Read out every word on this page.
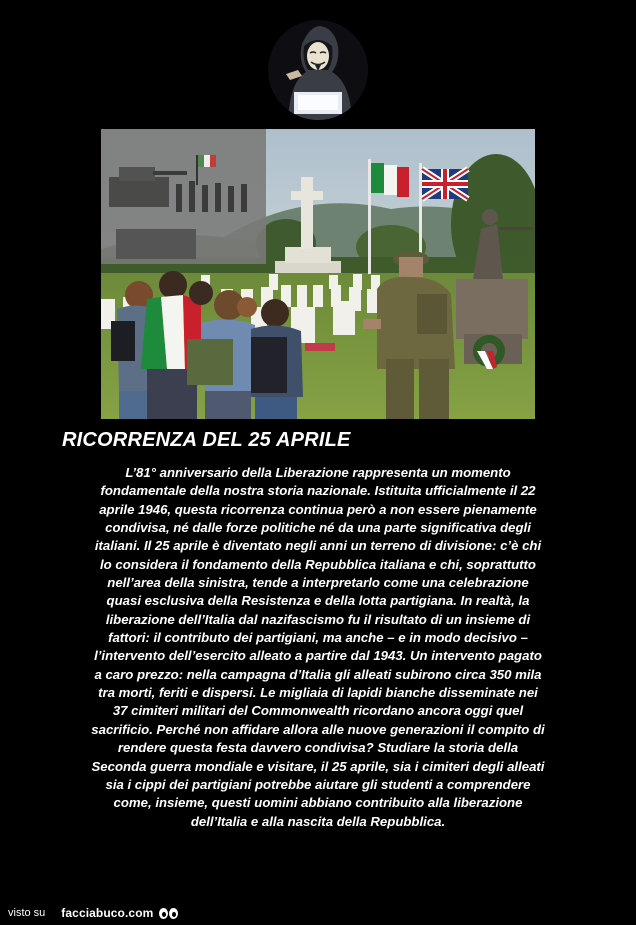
RICORRENZA DEL 25 APRILE
L’81° anniversario della Liberazione rappresenta un momento
fondamentale della nostra storia nazionale. Istituita ufficialmente il 22
aprile 1946, questa ricorrenza continua però a non essere pienamente
condivisa, né dalle forze politiche né da una parte significativa degli
italiani. Il 25 aprile è diventato negli anni un terreno di divisione: c’è chi
lo considera il fondamento della Repubblica italiana e chi, soprattutto
nell’area della sinistra, tende a interpretarlo come una celebrazione
quasi esclusiva della Resistenza e della lotta partigiana. In realtà, la
liberazione dell’Italia dal nazifascismo fu il risultato di un insieme di
fattori: il contributo dei partigiani, ma anche – e in modo decisivo –
l’intervento dell’esercito alleato a partire dal 1943. Un intervento pagato
a caro prezzo: nella campagna d’Italia gli alleati subirono circa 350 mila
tra morti, feriti e dispersi. Le migliaia di lapidi bianche disseminate nei
37 cimiteri militari del Commonwealth ricordano ancora oggi quel
sacrificio. Perché non affidare allora alle nuove generazioni il compito di
rendere questa festa davvero condivisa? Studiare la storia della
Seconda guerra mondiale e visitare, il 25 aprile, sia i cimiteri degli alleati
sia i cippi dei partigiani potrebbe aiutare gli studenti a comprendere
come, insieme, questi uomini abbiano contribuito alla liberazione
dell’Italia e alla nascita della Repubblica.
visto su facciabuco.com
